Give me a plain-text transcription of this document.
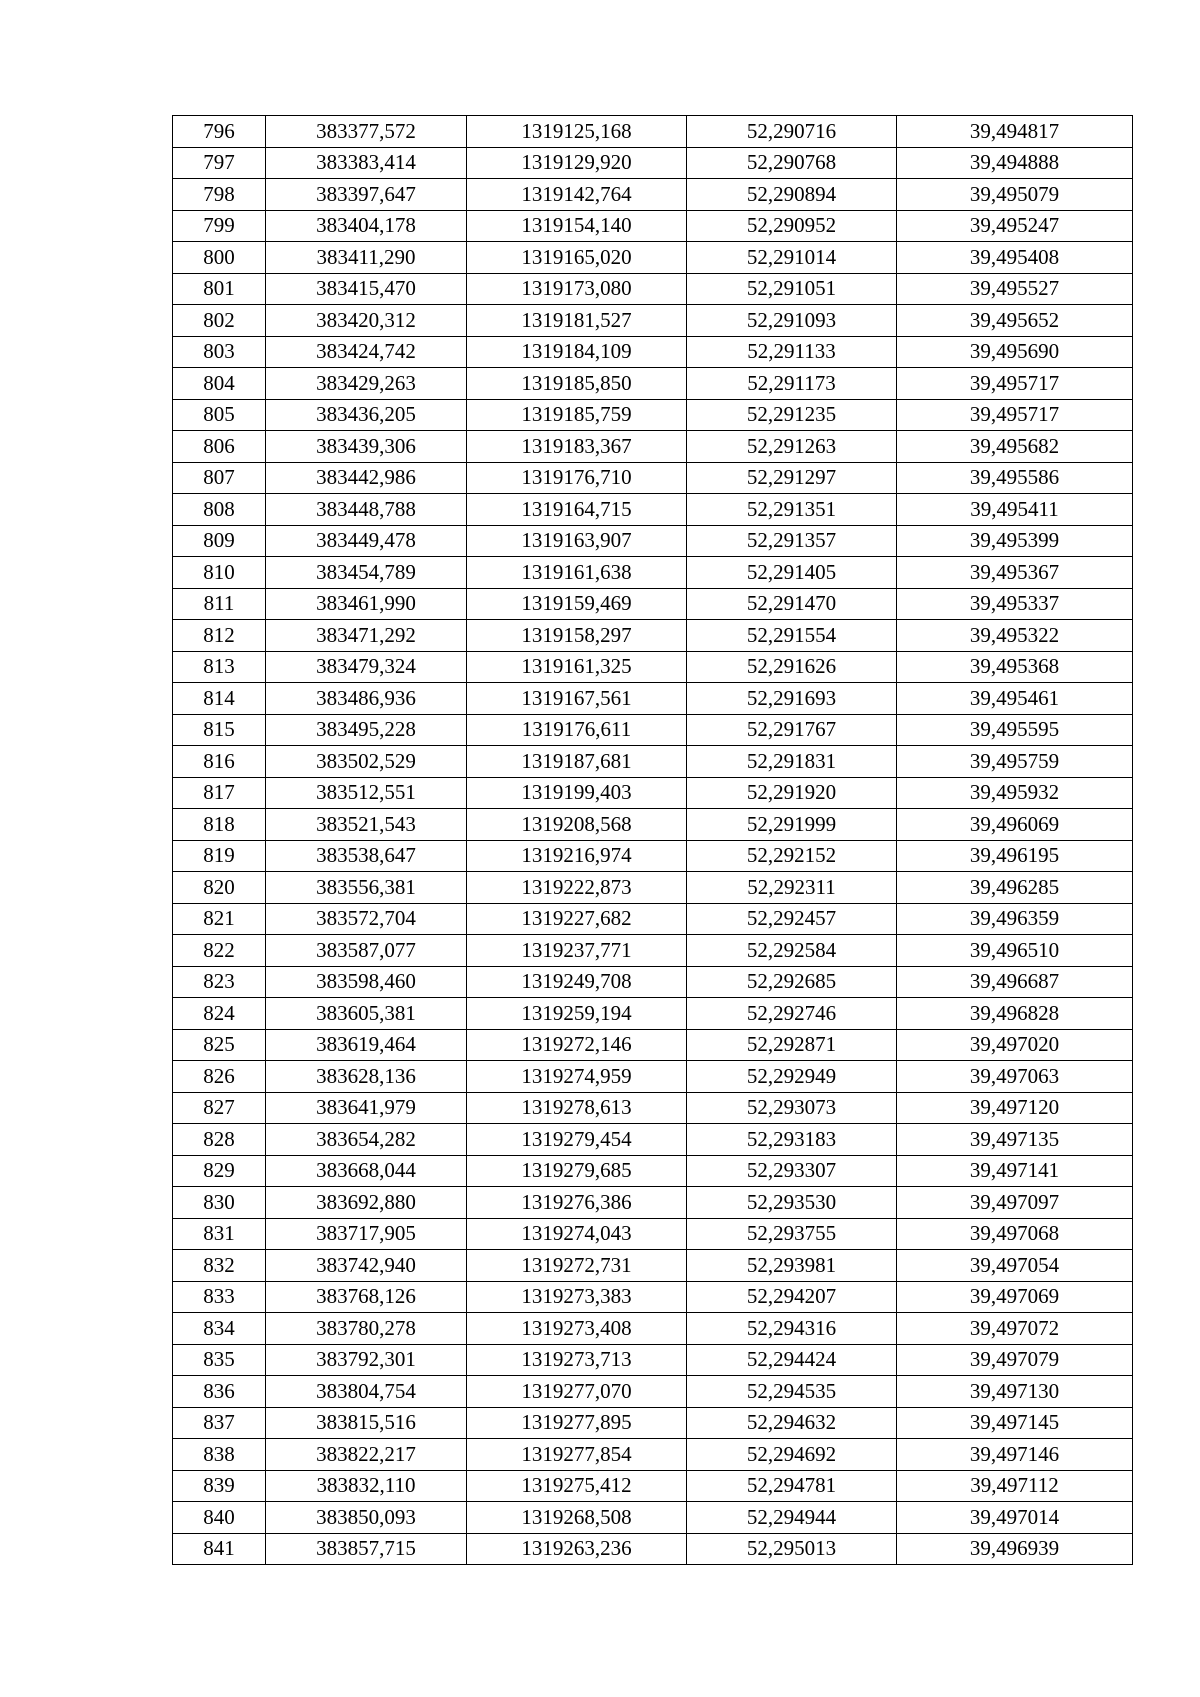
796	383377,572	1319125,168	52,290716	39,494817
797	383383,414	1319129,920	52,290768	39,494888
798	383397,647	1319142,764	52,290894	39,495079
799	383404,178	1319154,140	52,290952	39,495247
800	383411,290	1319165,020	52,291014	39,495408
801	383415,470	1319173,080	52,291051	39,495527
802	383420,312	1319181,527	52,291093	39,495652
803	383424,742	1319184,109	52,291133	39,495690
804	383429,263	1319185,850	52,291173	39,495717
805	383436,205	1319185,759	52,291235	39,495717
806	383439,306	1319183,367	52,291263	39,495682
807	383442,986	1319176,710	52,291297	39,495586
808	383448,788	1319164,715	52,291351	39,495411
809	383449,478	1319163,907	52,291357	39,495399
810	383454,789	1319161,638	52,291405	39,495367
811	383461,990	1319159,469	52,291470	39,495337
812	383471,292	1319158,297	52,291554	39,495322
813	383479,324	1319161,325	52,291626	39,495368
814	383486,936	1319167,561	52,291693	39,495461
815	383495,228	1319176,611	52,291767	39,495595
816	383502,529	1319187,681	52,291831	39,495759
817	383512,551	1319199,403	52,291920	39,495932
818	383521,543	1319208,568	52,291999	39,496069
819	383538,647	1319216,974	52,292152	39,496195
820	383556,381	1319222,873	52,292311	39,496285
821	383572,704	1319227,682	52,292457	39,496359
822	383587,077	1319237,771	52,292584	39,496510
823	383598,460	1319249,708	52,292685	39,496687
824	383605,381	1319259,194	52,292746	39,496828
825	383619,464	1319272,146	52,292871	39,497020
826	383628,136	1319274,959	52,292949	39,497063
827	383641,979	1319278,613	52,293073	39,497120
828	383654,282	1319279,454	52,293183	39,497135
829	383668,044	1319279,685	52,293307	39,497141
830	383692,880	1319276,386	52,293530	39,497097
831	383717,905	1319274,043	52,293755	39,497068
832	383742,940	1319272,731	52,293981	39,497054
833	383768,126	1319273,383	52,294207	39,497069
834	383780,278	1319273,408	52,294316	39,497072
835	383792,301	1319273,713	52,294424	39,497079
836	383804,754	1319277,070	52,294535	39,497130
837	383815,516	1319277,895	52,294632	39,497145
838	383822,217	1319277,854	52,294692	39,497146
839	383832,110	1319275,412	52,294781	39,497112
840	383850,093	1319268,508	52,294944	39,497014
841	383857,715	1319263,236	52,295013	39,496939
